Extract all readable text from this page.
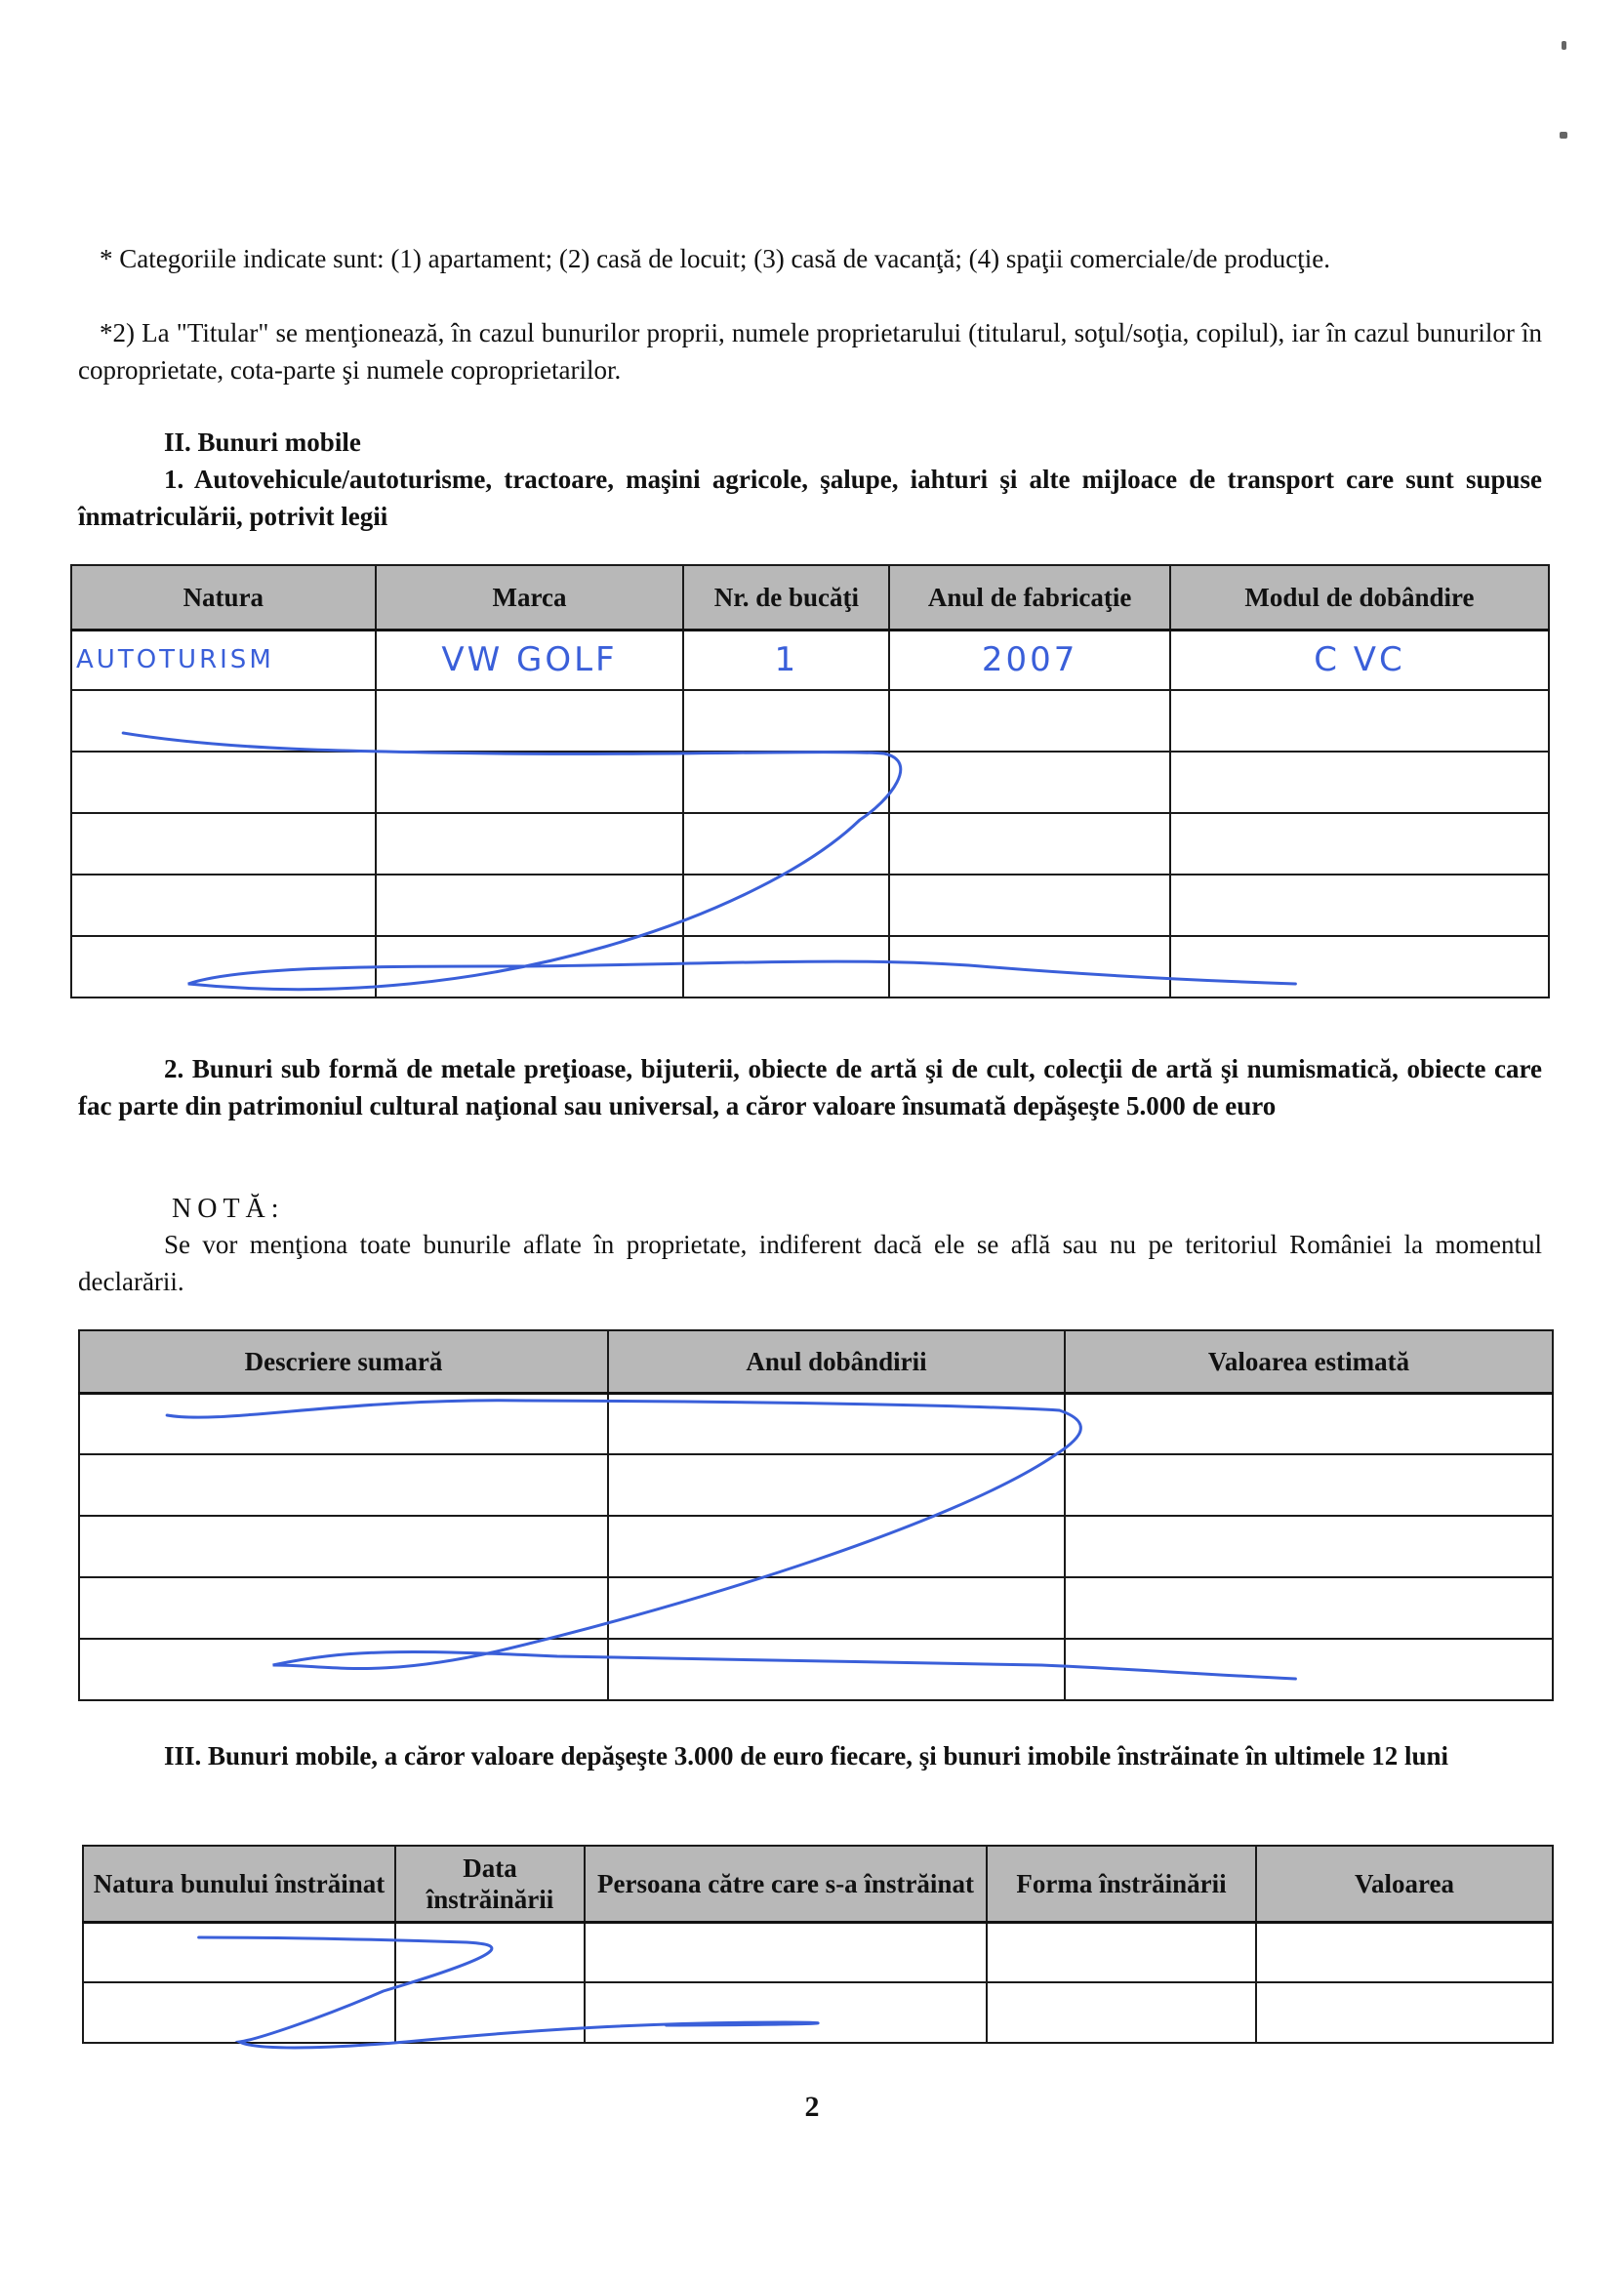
* Categoriile indicate sunt: (1) apartament; (2) casă de locuit; (3) casă de vacanţă; (4) spaţii comerciale/de producţie.
*2) La "Titular" se menţionează, în cazul bunurilor proprii, numele proprietarului (titularul, soţul/soţia, copilul), iar în cazul bunurilor în coproprietate, cota-parte şi numele coproprietarilor.
II. Bunuri mobile
1. Autovehicule/autoturisme, tractoare, maşini agricole, şalupe, iahturi şi alte mijloace de transport care sunt supuse înmatriculării, potrivit legii
Natura	Marca	Nr. de bucăţi	Anul de fabricaţie	Modul de dobândire
AUTOTURISM	VW GOLF	1	2007	C VC

2. Bunuri sub formă de metale preţioase, bijuterii, obiecte de artă şi de cult, colecţii de artă şi numismatică, obiecte care fac parte din patrimoniul cultural naţional sau universal, a căror valoare însumată depăşeşte 5.000 de euro
NOTĂ:
Se vor menţiona toate bunurile aflate în proprietate, indiferent dacă ele se află sau nu pe teritoriul României la momentul declarării.
Descriere sumară	Anul dobândirii	Valoarea estimată

III. Bunuri mobile, a căror valoare depăşeşte 3.000 de euro fiecare, şi bunuri imobile înstrăinate în ultimele 12 luni
Natura bunului înstrăinat	Data înstrăinării	Persoana către care s-a înstrăinat	Forma înstrăinării	Valoarea

2
